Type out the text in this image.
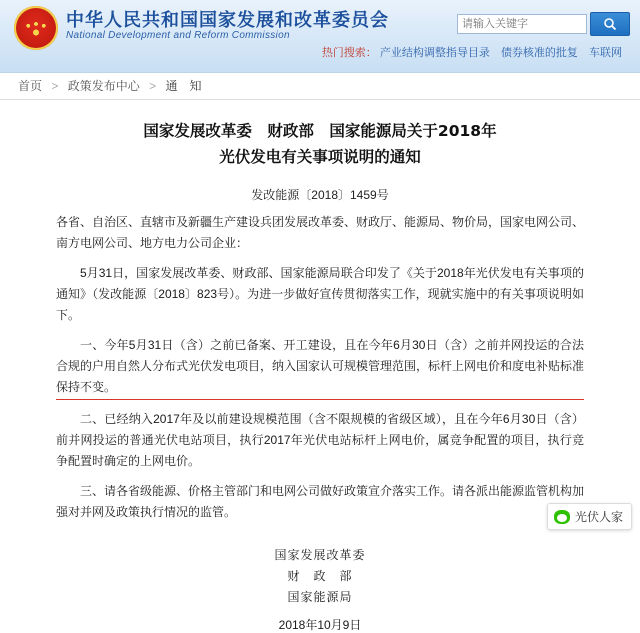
中华人民共和国国家发展和改革委员会
National Development and Reform Commission
请输入关键字
热门搜索： 产业结构调整指导目录 债券核准的批复 车联网
首页 > 政策发布中心 > 通　知
国家发展改革委　财政部　国家能源局关于2018年
光伏发电有关事项说明的通知
发改能源〔2018〕1459号

各省、自治区、直辖市及新疆生产建设兵团发展改革委、财政厅、能源局、物价局，国家电网公司、南方电网公司、地方电力公司企业：

5月31日，国家发展改革委、财政部、国家能源局联合印发了《关于2018年光伏发电有关事项的通知》（发改能源〔2018〕823号）。为进一步做好宣传贯彻落实工作，现就实施中的有关事项说明如下。

一、今年5月31日（含）之前已备案、开工建设，且在今年6月30日（含）之前并网投运的合法合规的户用自然人分布式光伏发电项目，纳入国家认可规模管理范围，标杆上网电价和度电补贴标准保持不变。

二、已经纳入2017年及以前建设规模范围（含不限规模的省级区域），且在今年6月30日（含）前并网投运的普通光伏电站项目，执行2017年光伏电站标杆上网电价，属竞争配置的项目，执行竞争配置时确定的上网电价。

三、请各省级能源、价格主管部门和电网公司做好政策宣介落实工作。请各派出能源监管机构加强对并网及政策执行情况的监管。

国家发展改革委
财　政　部
国家能源局
2018年10月9日
光伏人家
